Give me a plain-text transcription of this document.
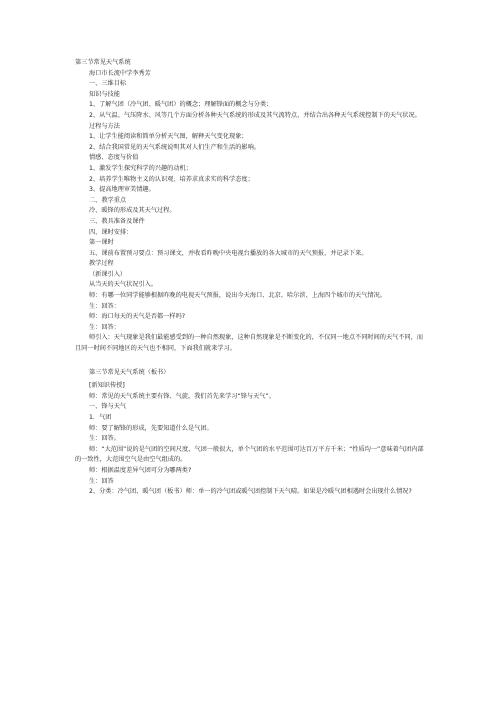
第三节常见天气系统

海口市长流中学李秀芳

一、三维目标

知识与技能

1、了解气团（冷气团、暖气团）的概念；理解锋面的概念与分类；

2、从气温、气压降水、风等几个方面分析各种天气系统的形成及其气流特点，并结合出各种天气系统控制下的天气状况。

过程与方法

1、让学生能阅读和简单分析天气图，解释天气变化现象；

2、结合我国常见的天气系统说明其对人们生产和生活的影响。

情感、态度与价值

1、激发学生探究科学的兴趣的动机；

2、培养学生唯物主义的认识观、培养求真求实的科学态度；

3、提高地理审美情趣。

二、教学重点

冷、暖锋的形成及其天气过程。

三、教具准备及课件

四、课时安排：

第一课时

五、课前布置预习要点：预习课文，并收看昨晚中央电视台播放的各大城市的天气预报，并记录下来。

教学过程

（新课引入）

从当天的天气状况引入。

师：有哪一位同学能够根据昨晚的电视天气预报，说出今天海口、北京、哈尔滨、上海四个城市的天气情况。

生：回答：

师：海口每天的天气是否都一样吗?

生：回答：

师引入：天气现象是我们最能感受到的一种自然现象，这种自然现象是不断变化的，不仅同一地点不同时间的天气不同，而且同一时间不同地区的天气也不相同，下面我们就来学习。

第三节常见天气系统（板书）

[新知识传授]

师：常见的天气系统主要有锋、气旋，我们首先来学习“锋与天气”。

一、锋与天气

1．气团

师：要了解锋的形成，先要知道什么是气团。

生：回答。

师：“大范围”说的是气团的空间尺度，气团一般很大，单个气团的水平范围可达百万平方千米；“性质均一”意味着气团内部的一致性，大范围空气是由空气组成的。

师：根据温度差异气团可分为哪两类?

生：回答

2、分类：冷气团、暖气团（板书）师：单一的冷气团或暖气团控制下天气晴。如果是冷暖气团相遇时会出现什么情况?
